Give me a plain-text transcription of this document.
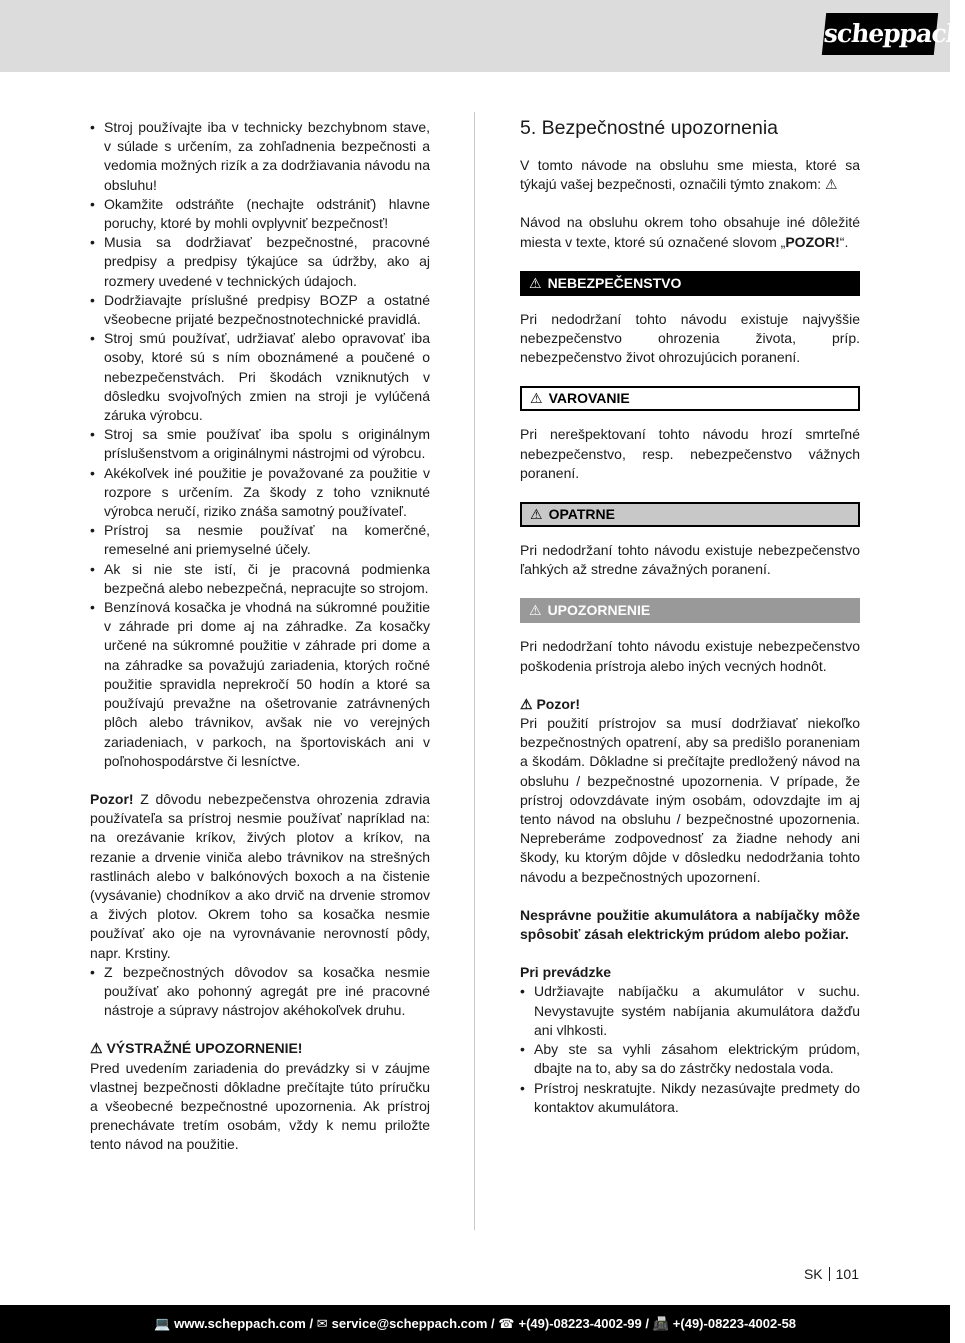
scheppach
• Stroj používajte iba v technicky bezchybnom stave, v súlade s určením, za zohľadnenia bezpečnosti a vedomia možných rizík a za dodržiavania návodu na obsluhu!
• Okamžite odstráňte (nechajte odstrániť) hlavne poruchy, ktoré by mohli ovplyvniť bezpečnosť!
• Musia sa dodržiavať bezpečnostné, pracovné predpisy a predpisy týkajúce sa údržby, ako aj rozmery uvedené v technických údajoch.
• Dodržiavajte príslušné predpisy BOZP a ostatné všeobecne prijaté bezpečnostnotechnické pravidlá.
• Stroj smú používať, udržiavať alebo opravovať iba osoby, ktoré sú s ním oboznámené a poučené o nebezpečenstvách. Pri škodách vzniknutých v dôsledku svojvoľných zmien na stroji je vylúčená záruka výrobcu.
• Stroj sa smie používať iba spolu s originálnym príslušenstvom a originálnymi nástrojmi od výrobcu.
• Akékoľvek iné použitie je považované za použitie v rozpore s určením. Za škody z toho vzniknuté výrobca neručí, riziko znáša samotný používateľ.
• Prístroj sa nesmie používať na komerčné, remeselné ani priemyselné účely.
• Ak si nie ste istí, či je pracovná podmienka bezpečná alebo nebezpečná, nepracujte so strojom.
• Benzínová kosačka je vhodná na súkromné použitie v záhrade pri dome aj na záhradke. Za kosačky určené na súkromné použitie v záhrade pri dome a na záhradke sa považujú zariadenia, ktorých ročné použitie spravidla neprekročí 50 hodín a ktoré sa používajú prevažne na ošetrovanie zatrávnených plôch alebo trávnikov, avšak nie vo verejných zariadeniach, v parkoch, na športoviskách ani v poľnohospodárstve či lesníctve.

Pozor! Z dôvodu nebezpečenstva ohrozenia zdravia používateľa sa prístroj nesmie používať napríklad na: na orezávanie kríkov, živých plotov a kríkov, na rezanie a drvenie viniča alebo trávnikov na strešných rastlinách alebo v balkónových boxoch a na čistenie (vysávanie) chodníkov a ako drvič na drvenie stromov a živých plotov. Okrem toho sa kosačka nesmie používať ako oje na vyrovnávanie nerovností pôdy, napr. Krstiny.

• Z bezpečnostných dôvodov sa kosačka nesmie používať ako pohonný agregát pre iné pracovné nástroje a súpravy nástrojov akéhokoľvek druhu.
⚠ VÝSTRAŽNÉ UPOZORNENIE!

Pred uvedením zariadenia do prevádzky si v záujme vlastnej bezpečnosti dôkladne prečítajte túto príručku a všeobecné bezpečnostné upozornenia. Ak prístroj prenechávate tretím osobám, vždy k nemu priložte tento návod na použitie.

5. Bezpečnostné upozornenia

V tomto návode na obsluhu sme miesta, ktoré sa týkajú vašej bezpečnosti, označili týmto znakom: ⚠

Návod na obsluhu okrem toho obsahuje iné dôležité miesta v texte, ktoré sú označené slovom „POZOR!“.

⚠ NEBEZPEČENSTVO

Pri nedodržaní tohto návodu existuje najvyššie nebezpečenstvo ohrozenia života, príp. nebezpečenstvo život ohrozujúcich poranení.

⚠ VAROVANIE

Pri nerešpektovaní tohto návodu hrozí smrteľné nebezpečenstvo, resp. nebezpečenstvo vážnych poranení.

⚠ OPATRNE

Pri nedodržaní tohto návodu existuje nebezpečenstvo ľahkých až stredne závažných poranení.

⚠ UPOZORNENIE

Pri nedodržaní tohto návodu existuje nebezpečenstvo poškodenia prístroja alebo iných vecných hodnôt.

⚠ Pozor!

Pri použití prístrojov sa musí dodržiavať niekoľko bezpečnostných opatrení, aby sa predišlo poraneniam a škodám. Dôkladne si prečítajte predložený návod na obsluhu / bezpečnostné upozornenia. V prípade, že prístroj odovzdávate iným osobám, odovzdajte im aj tento návod na obsluhu / bezpečnostné upozornenia. Nepreberáme zodpovednosť za žiadne nehody ani škody, ku ktorým dôjde v dôsledku nedodržania tohto návodu a bezpečnostných upozornení.

Nesprávne použitie akumulátora a nabíjačky môže spôsobiť zásah elektrickým prúdom alebo požiar.

Pri prevádzke
• Udržiavajte nabíjačku a akumulátor v suchu. Nevystavujte systém nabíjania akumulátora dažďu ani vlhkosti.
• Aby ste sa vyhli zásahom elektrickým prúdom, dbajte na to, aby sa do zástrčky nedostala voda.
• Prístroj neskratujte. Nikdy nezasúvajte predmety do kontaktov akumulátora.
SK 101
💻 www.scheppach.com / ✉ service@scheppach.com / ☎ +(49)-08223-4002-99 / 📠 +(49)-08223-4002-58
